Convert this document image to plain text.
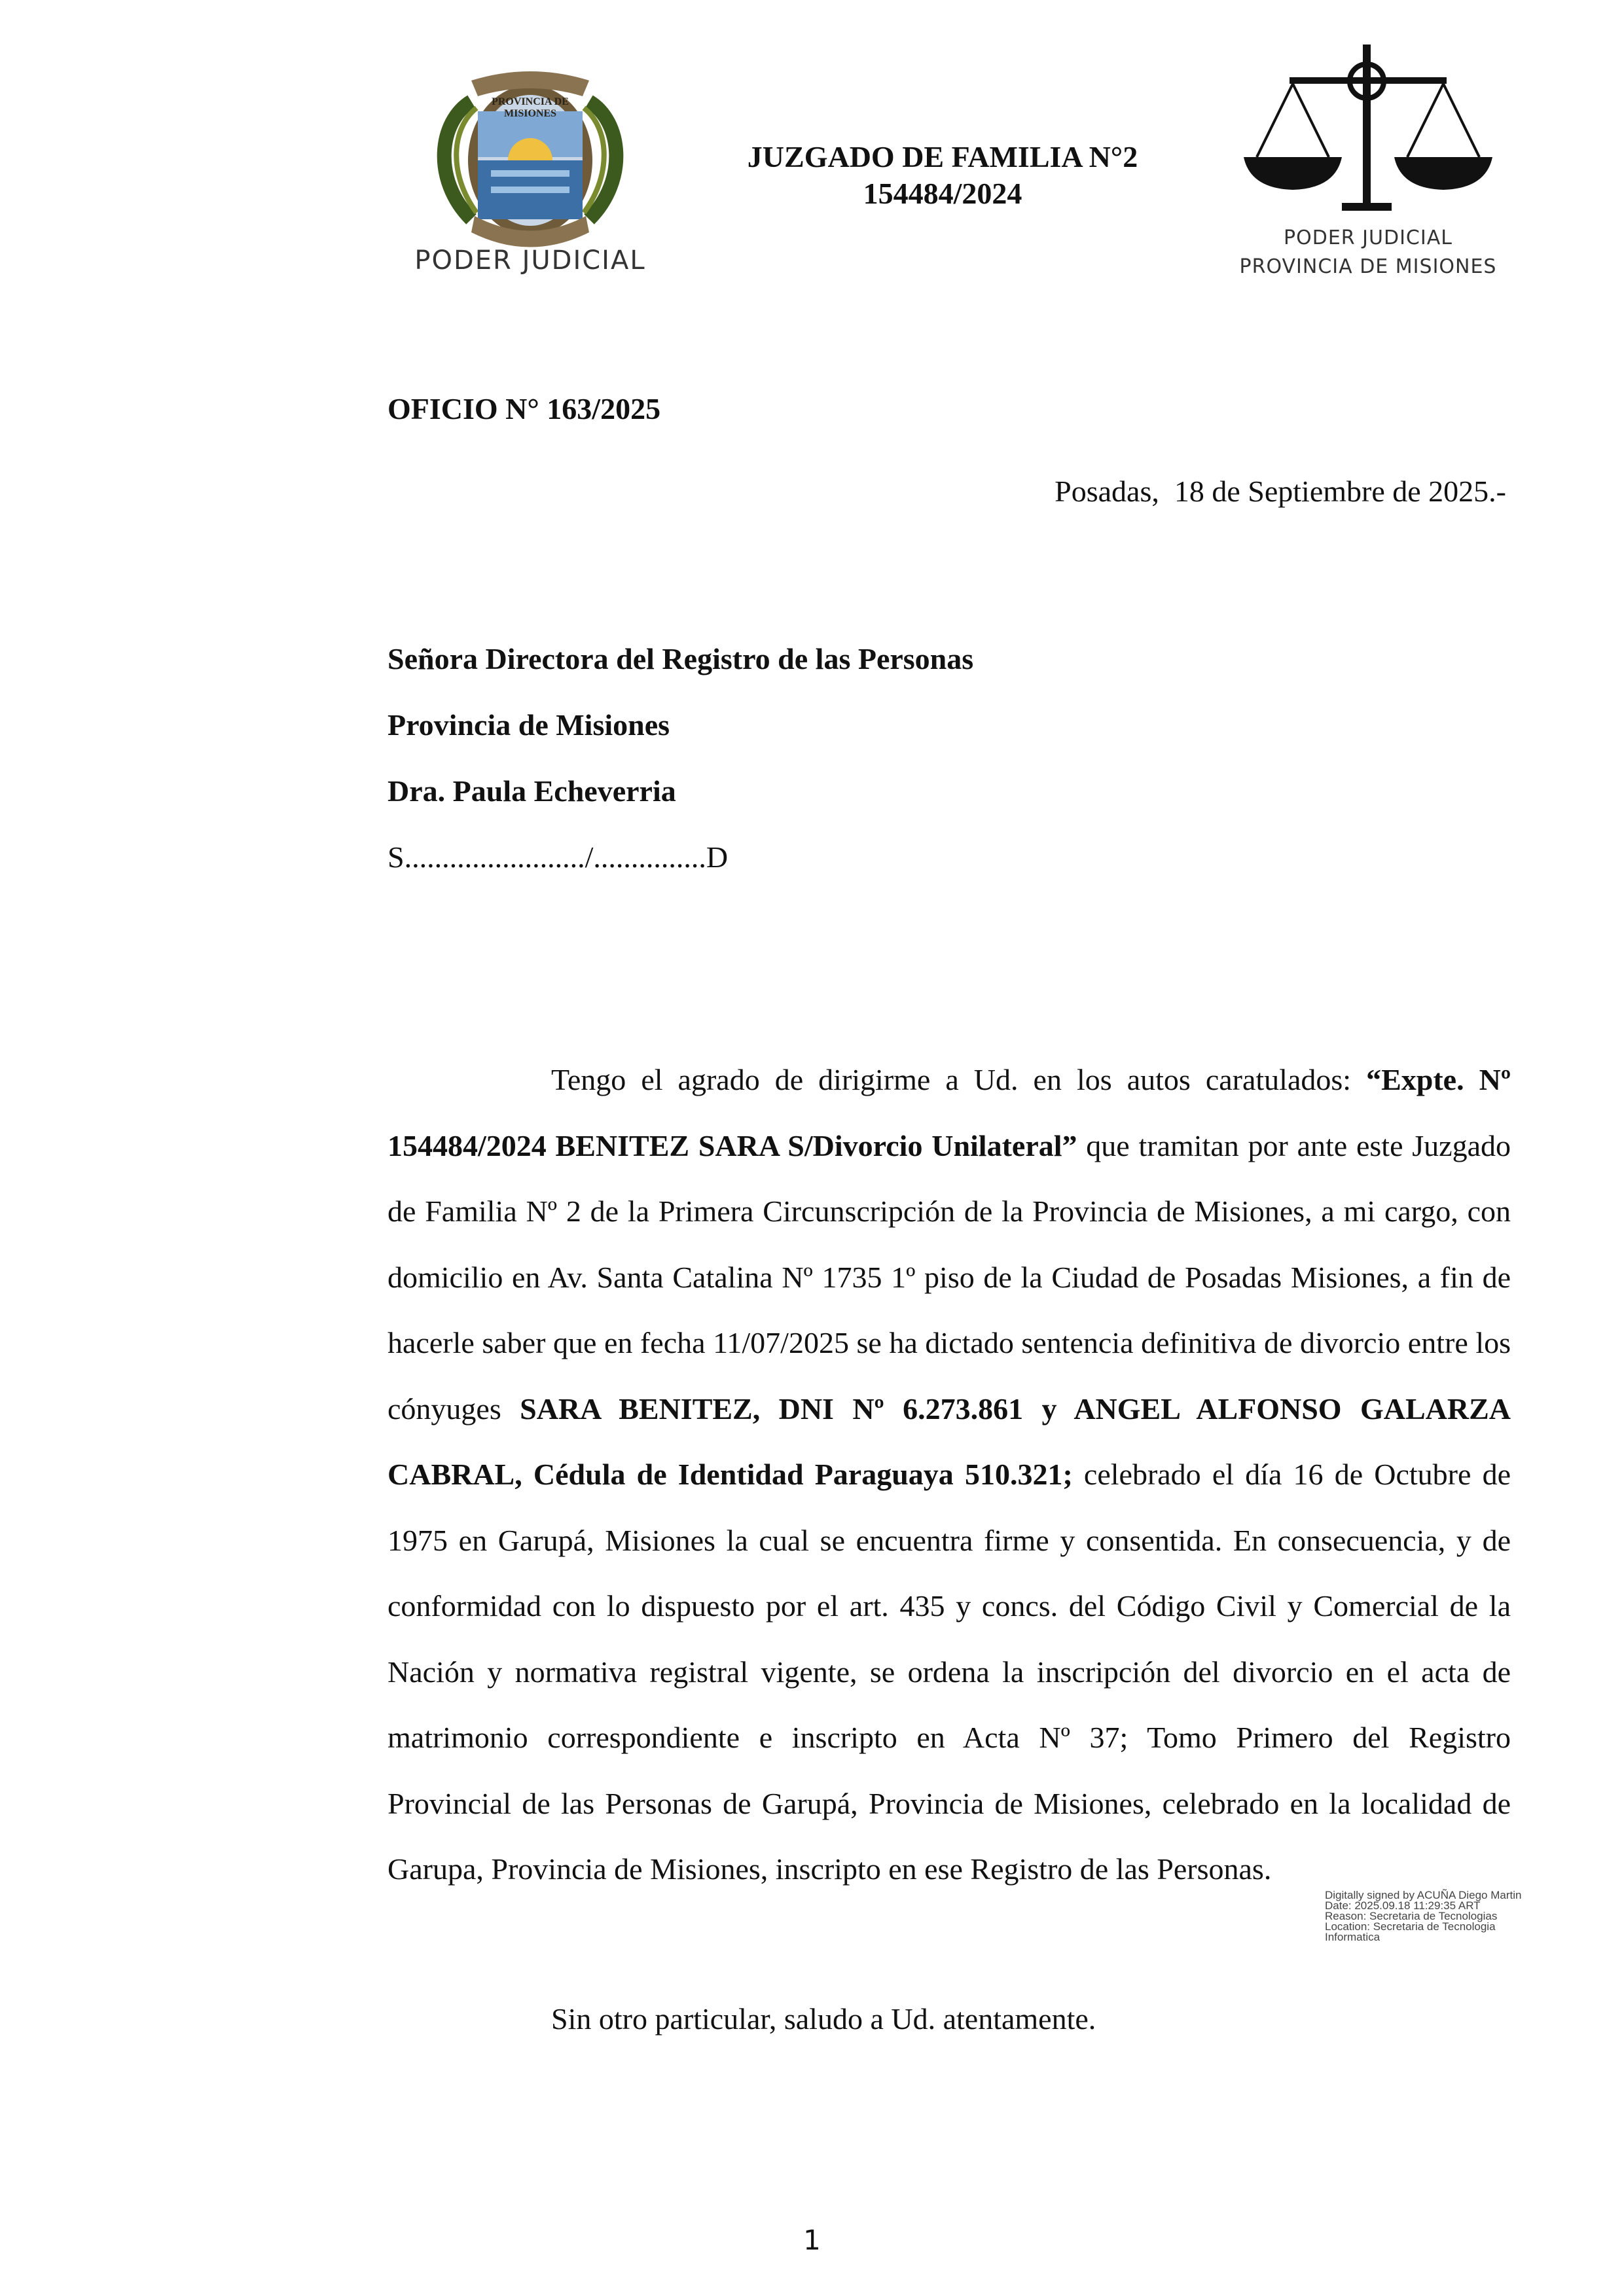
PROVINCIA DE MISIONES
PODER JUDICIAL
JUZGADO DE FAMILIA N°2
154484/2024
PODER JUDICIAL
PROVINCIA DE MISIONES
OFICIO N° 163/2025
Posadas,  18 de Septiembre de 2025.-
Señora Directora del Registro de las Personas
Provincia de Misiones
Dra. Paula Echeverria
S......................../...............D
Tengo el agrado de dirigirme a Ud. en los autos caratulados: “Expte. Nº 154484/2024 BENITEZ SARA S/Divorcio Unilateral” que tramitan por ante este Juzgado de Familia Nº 2 de la Primera Circunscripción de la Provincia de Misiones, a mi cargo, con domicilio en Av. Santa Catalina Nº 1735 1º piso de la Ciudad de Posadas Misiones, a fin de hacerle saber que en fecha 11/07/2025 se ha dictado sentencia definitiva de divorcio entre los cónyuges SARA BENITEZ, DNI Nº 6.273.861 y ANGEL ALFONSO GALARZA CABRAL, Cédula de Identidad Paraguaya 510.321; celebrado el día 16 de Octubre de 1975 en Garupá, Misiones la cual se encuentra firme y consentida. En consecuencia, y de conformidad con lo dispuesto por el art. 435 y concs. del Código Civil y Comercial de la Nación y normativa registral vigente, se ordena la inscripción del divorcio en el acta de matrimonio correspondiente e inscripto en Acta Nº 37; Tomo Primero del Registro Provincial de las Personas de Garupá, Provincia de Misiones, celebrado en la localidad de Garupa, Provincia de Misiones, inscripto en ese Registro de las Personas.
Digitally signed by ACUÑA Diego Martin
Date: 2025.09.18 11:29:35 ART
Reason: Secretaria de Tecnologias
Location: Secretaria de Tecnologia
Informatica
Sin otro particular, saludo a Ud. atentamente.
1
